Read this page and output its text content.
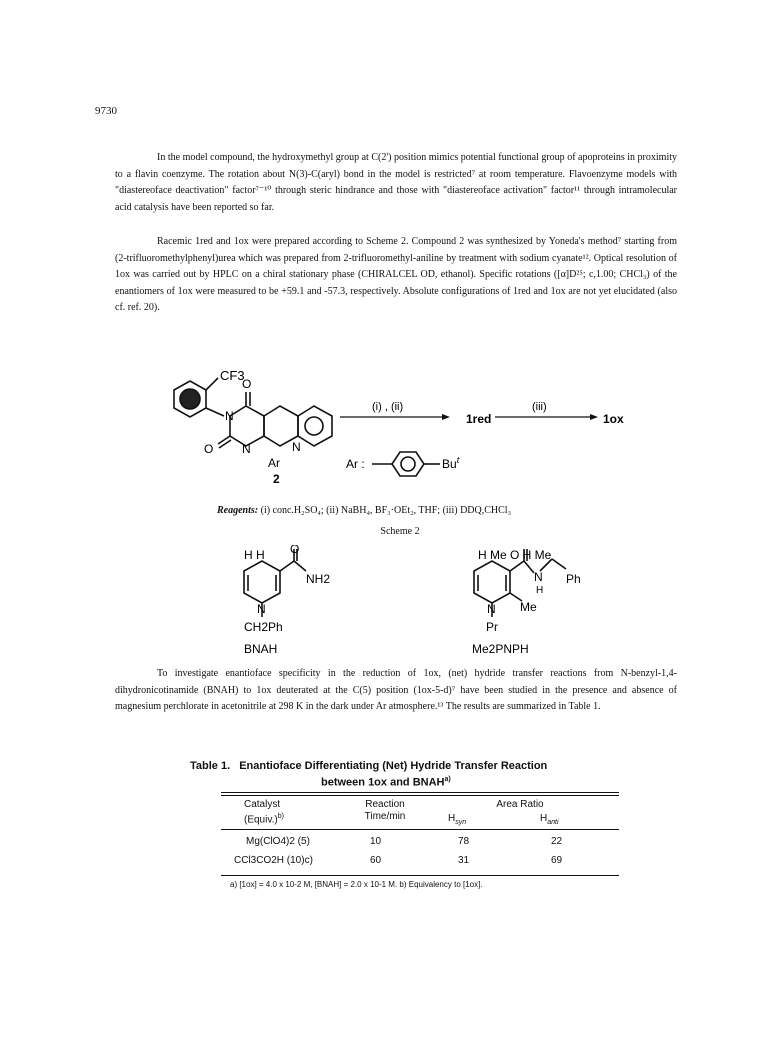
9730

In the model compound, the hydroxymethyl group at C(2') position mimics potential functional group of apoproteins in proximity to a flavin coenzyme. The rotation about N(3)-C(aryl) bond in the model is restricted⁷ at room temperature. Flavoenzyme models with "diastereoface deactivation" factor⁷⁻¹⁰ through steric hindrance and those with "diastereoface activation" factor¹¹ through intramolecular acid catalysis have been reported so far.

Racemic 1red and 1ox were prepared according to Scheme 2. Compound 2 was synthesized by Yoneda's method⁷ starting from (2-trifluoromethylphenyl)urea which was prepared from 2-trifluoromethyl-aniline by treatment with sodium cyanate¹². Optical resolution of 1ox was carried out by HPLC on a chiral stationary phase (CHIRALCEL OD, ethanol). Specific rotations ([α]D²⁵; c,1.00; CHCl₃) of the enantiomers of 1ox were measured to be +59.1 and -57.3, respectively. Absolute configurations of 1red and 1ox are not yet elucidated (also cf. ref. 20).

CF3
O
O
N
N	N
Ar
2
(i) , (ii)
1red
(iii)
1ox
Ar :	Bu$^t$
Reagents: (i) conc.H₂SO₄; (ii) NaBH₄, BF₃·OEt₂, THF; (iii) DDQ,CHCl₃
Scheme 2
H H O
NH2
N
CH2Ph
BNAH
H Me O H Me
N
H
Ph
Me
N
Pr
Me2PNPH

To investigate enantioface specificity in the reduction of 1ox, (net) hydride transfer reactions from N-benzyl-1,4-dihydronicotinamide (BNAH) to 1ox deuterated at the C(5) position (1ox-5-d)⁷ have been studied in the presence and absence of magnesium perchlorate in acetonitrile at 298 K in the dark under Ar atmosphere.¹³ The results are summarized in Table 1.

Table 1. Enantioface Differentiating (Net) Hydride Transfer Reaction
between 1ox and BNAH$^{a)}$
Catalyst
(Equiv.)$^{b)}$
Reaction
Time/min
Area Ratio
$H_{syn}$	$H_{anti}$
Mg(ClO4)2 (5)	10	78	22
CCl3CO2H (10)c)	60	31	69
a) [1ox] = 4.0 x 10-2 M, [BNAH] = 2.0 x 10-1 M. b) Equivalency to [1ox].
